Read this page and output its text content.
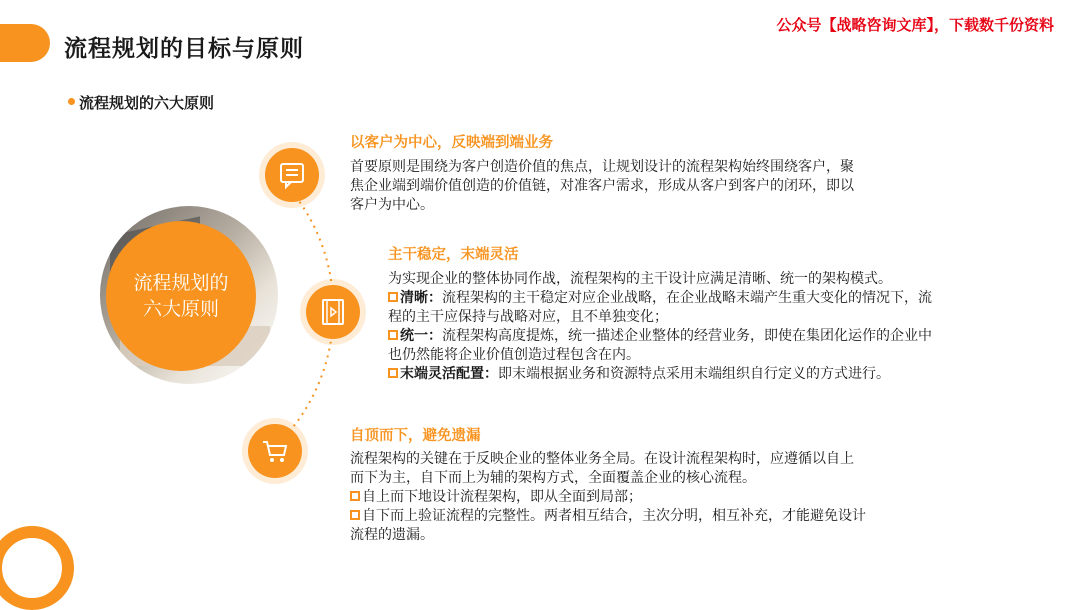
流程规划的目标与原则
公众号【战略咨询文库】，下载数千份资料
流程规划的六大原则
流程规划的
六大原则
以客户为中心，反映端到端业务
首要原则是围绕为客户创造价值的焦点，让规划设计的流程架构始终围绕客户，聚
焦企业端到端价值创造的价值链，对准客户需求，形成从客户到客户的闭环，即以
客户为中心。
主干稳定，末端灵活
为实现企业的整体协同作战，流程架构的主干设计应满足清晰、统一的架构模式。
清晰：流程架构的主干稳定对应企业战略，在企业战略末端产生重大变化的情况下，流
程的主干应保持与战略对应，且不单独变化；
统一：流程架构高度提炼，统一描述企业整体的经营业务，即使在集团化运作的企业中
也仍然能将企业价值创造过程包含在内。
末端灵活配置：即末端根据业务和资源特点采用末端组织自行定义的方式进行。
自顶而下，避免遗漏
流程架构的关键在于反映企业的整体业务全局。在设计流程架构时，应遵循以自上
而下为主，自下而上为辅的架构方式，全面覆盖企业的核心流程。
自上而下地设计流程架构，即从全面到局部；
自下而上验证流程的完整性。两者相互结合，主次分明，相互补充，才能避免设计
流程的遗漏。
